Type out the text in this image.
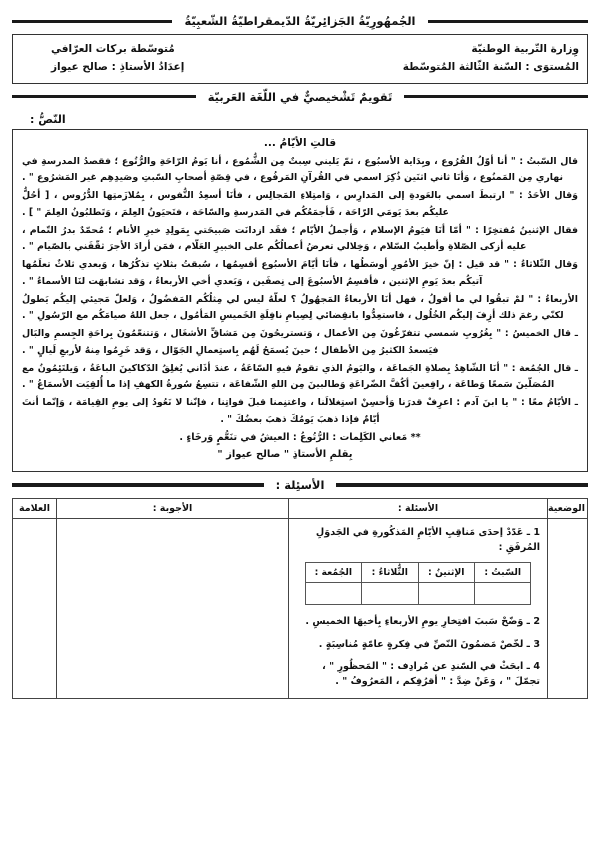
الجُمهُورِيّةُ الجَزائِريّةُ الدّيمقراطيّةُ الشّعبِيّةُ
وِزارة التّربية الوطنيّة
مُتوسّطة بركات العرّافي
المُستوَى : السّنة الثّالثة المُتوسّطة
إعدَادُ الأستاذِ : صالح عيواز
تَقويمٌ تَشْخيصيٌّ في اللّغَة العَربيّة
النّصُّ :
قالتِ الأيّامُ ...

قال السّبتُ : " أنا أوّلُ الفُرُوع ، وبِدَاية الأسبُوع ، ثمّ يَليني سِبتٌ مِن الشُّمُوع ، أنا يَومُ الرّاحَةِ والرُّتُوع ؛ فقصدُ المدرسةِ في نهاري مِن المَمنُوع ، وَأنَا ثاني اثنَين ذُكِرَ اسمي في القُرآنِ المَرفُوع ، في قِصّةِ أصحابِ السّبتِ وصَيدِهِم غير المَشرُوع " .

وَقال الأحَدُ : " ارتبطَ اسمي بالعَودةِ إلى المَدارِس ، وَامتِلاءِ المَجالِس ، فأنَا أسعِدُ النُّفوس ، بِمُلازَمتِها الدُّرُوس ، [ أحُلُّ عليكُم بعدَ يَومَي الرّاحَة ، فَأجمَعُكُم في المَدرسةِ والسّاحَة ، فتَحيَونُ العِلمَ ، وَتَطلبُونُ العِلمَ " ] .

فقال الإثنينُ مُفتخِرًا : " أمّا أنَا فيَومُ الإسلام ، وَأجملُ الأيّام ؛ فقَد ازدانَت صَبيحَتي بِمَولِدِ خيرِ الأنام ؛ مُحمّدٌ بدرُ التّمام ، عليه أزكى الصّلاةِ وأطيبُ السّلام ، وَخِلالي تعرضُ أعمالُكُم على الخبيرِ العَلّام ، فمَن أرادَ الأجرَ ثقّفَني بالصّيام " .

وَقال الثّلاثاءُ : " قد قيل : إنّ خيرَ الأمُورِ أوسَطُها ، فأنَا أيّامَ الأسبُوع أقسِمُها ، سُبقتُ بثلاثٍ تذكُرُها ، وَبعدي ثلاثٌ تعلَمُها آتيكُم بعدَ يَومِ الإثنين ، فأقسِمُ الأسبُوعَ إلى نِصفَين ، وَبَعدي أخي الأربعاءُ ، وَقد تشابهَت لنَا الأسماءُ " .

الأربعاءُ : " لمْ تبقُوا لي ما أقولُ ، فهل أنَا الأربعاءُ المَجهُولُ ؟ لعلّهُ ليس لي مِثلُكُم المَفضُولُ ، وَلعلّ مَجيئي إليكُم يَطولُ لكنّي رغمَ ذلك أزِفَ إليكُم الخُلُول ، فاستعِدُّوا بانقِضائي لِصِيامِ نافِلَةِ الخَميسِ المَأمُول ، جعل اللهُ صيامَكُم مع الرّسُولِ " .

ـ قال الخميسُ : " بِغُرُوبِ شمسي تتفرّغُونَ مِن الأعمال ، وَتستريحُونَ مِن مَشاقِّ الأشغَال ، وَتتنعّمُونَ بِراحَةِ الجِسمِ والبَال فيَسعدُ الكثيرُ مِن الأطفال ؛ حينَ يُسمَحُ لَهُم بِاستِعمالِ الجَوّال ، وَقد خَرِمُوا مِنهُ لأربعِ لَيالٍ " .

ـ قال الجُمُعة : " أنَا الشّاهِدُ بِصلاةِ الجَماعَة ، واليَومُ الذي تقومُ فيهِ السّاعَةُ ، عندَ أذَاني يُغلِقُ الدّكاكينَ الباعَةُ ، وَيلتَئِمُونُ مع المُصَلّينَ سَمعًا وَطاعَة ، رافِعينَ أكُفَّ الضّراعَةِ وَطالبينَ مِن اللهِ الشّفاعَة ، تتسِعُ سُورةُ الكهفِ إذا ما أُلقِيَت الأسمَاعُ " .

ـ الأيّامُ معًا : " يا ابنَ آدم : اعرِفْ قدرَنا وَأحسِنْ استِغلالَنا ، واغتنِمنا قبلَ فواتِنا ، فإنّنا لا نَعُودُ إلى يومِ القِيامَة ، وَإنّما أنتَ أيّامٌ فإذا ذهبَ يَومُكَ ذهبَ بعضُكَ " .

** مَعاني الكَلِمات : الرُّتُوعُ : العيشُ في تنَعُّمٍ وَرخَاءٍ .
بِقلمِ الأستاذِ " صالح عيواز "
الأسئِلة :
الوضعية	الأسئلة :	الأجوبة :	العلامة

1 ـ عَدّدْ إحدَى مَناقِبِ الأيّامِ المَذكُورةِ في الجَدوَلِ المُرفَقِ :
السّبتُ :	الإثنينُ :	الثُّلاثاءُ :	الجُمُعة :

2 ـ وَضّحْ سَببَ افتِخارِ يومِ الأربعاءِ بِأخيهَا الخميسِ .
3 ـ لخّصْ مَضمُونَ النّصِّ في فِكرةٍ عامّةٍ مُناسِبَةٍ .
4 ـ ابحَثْ في السّندِ عن مُرادِف : " المَحظُورِ " ، تجمّلَ " ، وَعَنْ ضِدَّ : " أقرُفِكم ، المَعرُوفُ " .
